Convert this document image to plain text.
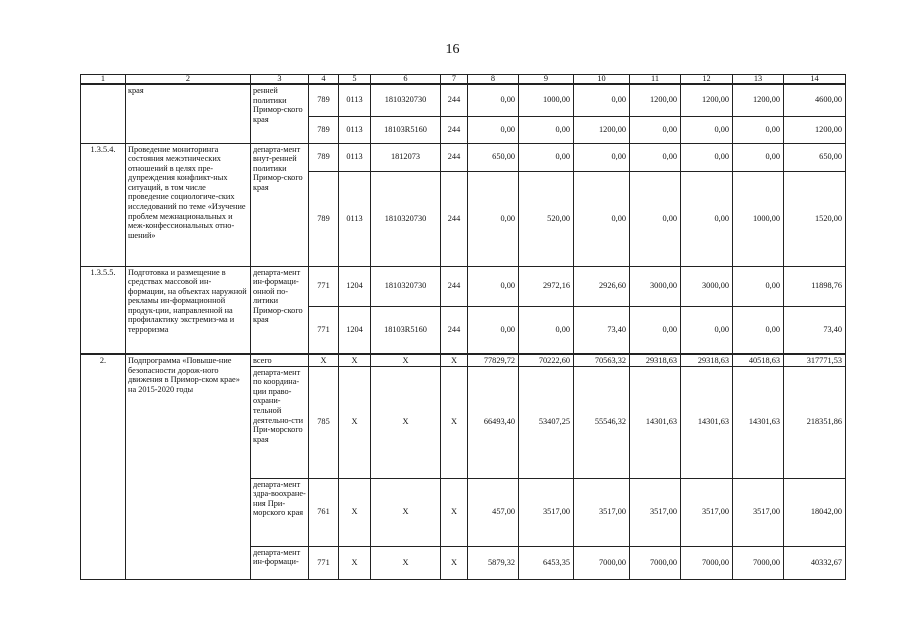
16
1	2	3	4	5	6	7	8	9	10	11	12	13	14
	края	ренней политики Примор-ского края	789	0113	1810320730	244	0,00	1000,00	0,00	1200,00	1200,00	1200,00	4600,00
			789	0113	18103R5160	244	0,00	0,00	1200,00	0,00	0,00	0,00	1200,00
1.3.5.4.	Проведение мониторинга состояния межэтнических отношений в целях пре-дупреждения конфликт-ных ситуаций, в том числе проведение социологиче-ских исследований по теме «Изучение проблем межнациональных и меж-конфессиональных отно-шений»	департа-мент внут-ренней политики Примор-ского края	789	0113	1812073	244	650,00	0,00	0,00	0,00	0,00	0,00	650,00
			789	0113	1810320730	244	0,00	520,00	0,00	0,00	0,00	1000,00	1520,00
1.3.5.5.	Подготовка и размещение в средствах массовой ин-формации, на объектах наружной рекламы ин-формационной продук-ции, направленной на профилактику экстремиз-ма и терроризма	департа-мент ин-формаци-онной по-литики Примор-ского края	771	1204	1810320730	244	0,00	2972,16	2926,60	3000,00	3000,00	0,00	11898,76
			771	1204	18103R5160	244	0,00	0,00	73,40	0,00	0,00	0,00	73,40
2.	Подпрограмма «Повыше-ние безопасности дорож-ного движения в Примор-ском крае» на 2015-2020 годы	всего	X	X	X	X	77829,72	70222,60	70563,32	29318,63	29318,63	40518,63	317771,53
		департа-мент по координа-ции право-охрани-тельной деятельно-сти При-морского края	785	X	X	X	66493,40	53407,25	55546,32	14301,63	14301,63	14301,63	218351,86
		департа-мент здра-воохране-ния При-морского края	761	X	X	X	457,00	3517,00	3517,00	3517,00	3517,00	3517,00	18042,00
		департа-мент ин-формаци-	771	X	X	X	5879,32	6453,35	7000,00	7000,00	7000,00	7000,00	40332,67
